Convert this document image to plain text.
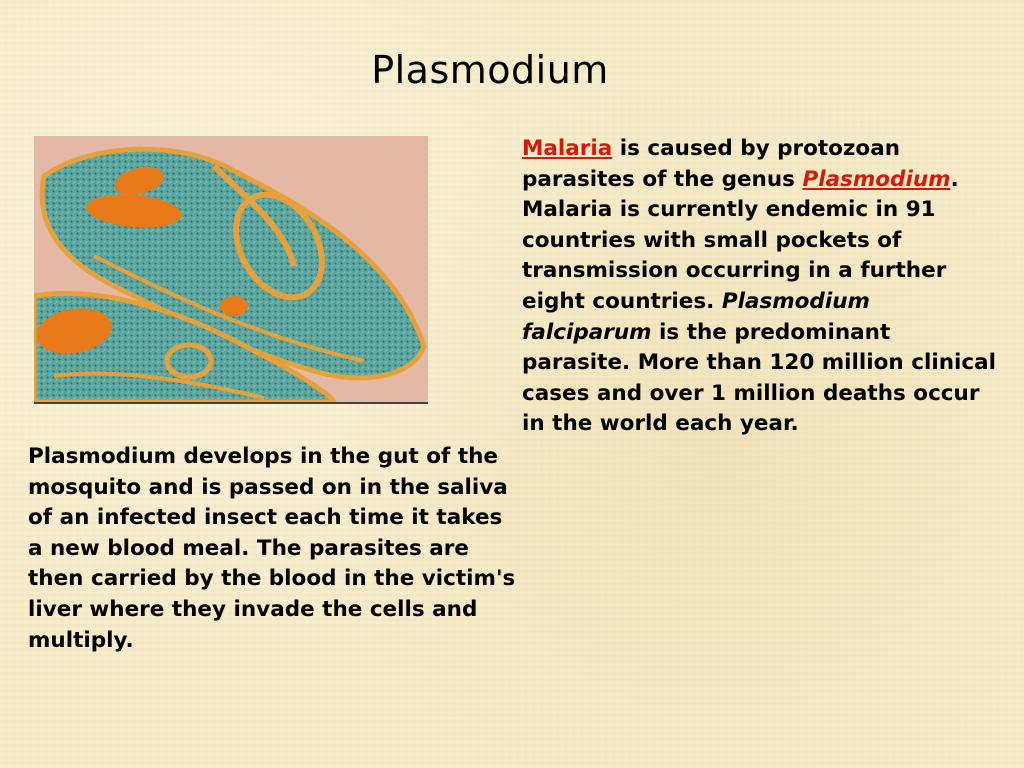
Plasmodium

Malaria is caused by protozoan parasites of the genus Plasmodium. Malaria is currently endemic in 91 countries with small pockets of transmission occurring in a further eight countries. Plasmodium falciparum is the predominant parasite. More than 120 million clinical cases and over 1 million deaths occur in the world each year.

Plasmodium develops in the gut of the mosquito and is passed on in the saliva of an infected insect each time it takes a new blood meal. The parasites are then carried by the blood in the victim's liver where they invade the cells and multiply.
